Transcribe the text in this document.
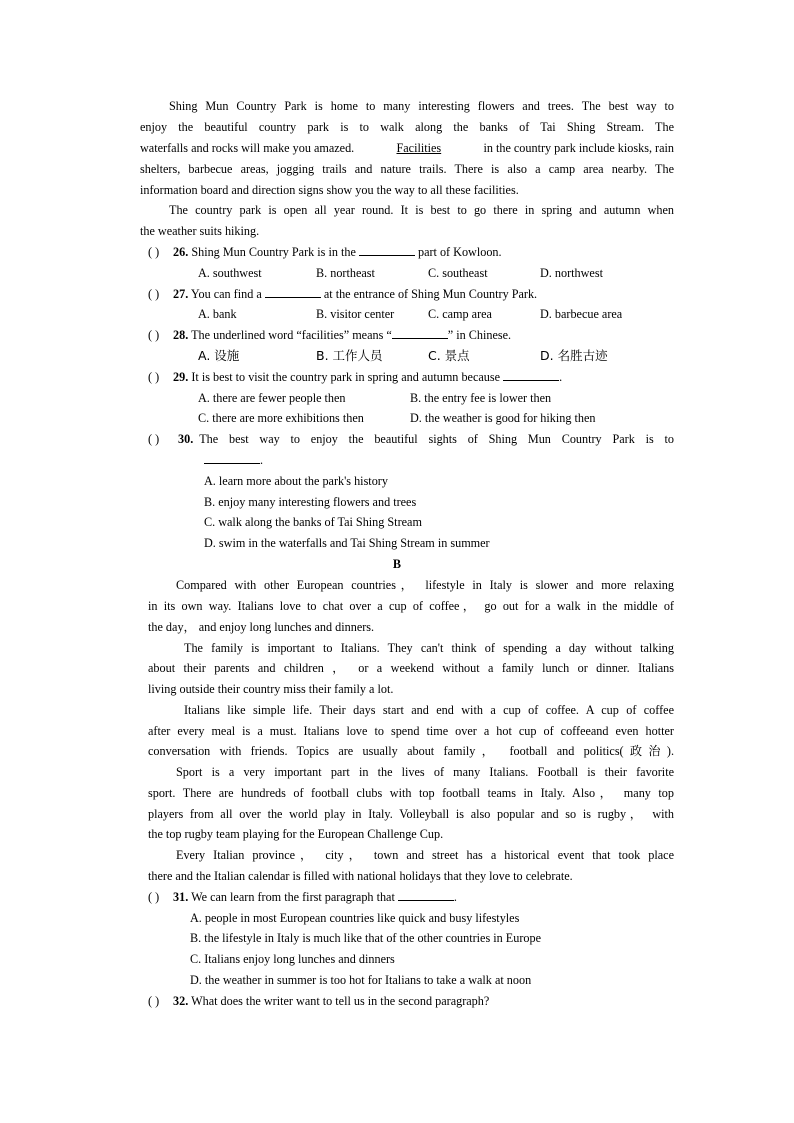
Shing Mun Country Park is home to many interesting flowers and trees. The best way to
enjoy the beautiful country park is to walk along the banks of Tai Shing Stream. The
waterfalls and rocks will make you amazed.	Facilities	in the country park include kiosks, rain
shelters, barbecue areas, jogging trails and nature trails. There is also a camp area nearby. The
information board and direction signs show you the way to all these facilities.
The country park is open all year round. It is best to go there in spring and autumn when
the weather suits hiking.
( ) 26. Shing Mun Country Park is in the	part of Kowloon.
A. southwest	B. northeast	C. southeast	D. northwest
( ) 27. You can find a	at the entrance of Shing Mun Country Park.
A. bank	B. visitor center	C. camp area	D. barbecue area
( ) 28. The underlined word “facilities” means “	” in Chinese.
A. 设施	B. 工作人员	C. 景点	D. 名胜古迹
( ) 29. It is best to visit the country park in spring and autumn because	.
A. there are fewer people then	B. the entry fee is lower then
C. there are more exhibitions then	D. the weather is good for hiking then
( )	30. The best way to enjoy the beautiful sights of Shing Mun Country Park is to
.
A. learn more about the park's history
B. enjoy many interesting flowers and trees
C. walk along the banks of Tai Shing Stream
D. swim in the waterfalls and Tai Shing Stream in summer
B
Compared with other European countries， lifestyle in Italy is slower and more relaxing
in its own way. Italians love to chat over a cup of coffee， go out for a walk in the middle of
the day， and enjoy long lunches and dinners.
The family is important to Italians. They can't think of spending a day without talking
about their parents and children ， or a weekend without a family lunch or dinner. Italians
living outside their country miss their family a lot.
Italians like simple life. Their days start and end with a cup of coffee. A cup of coffee
after every meal is a must. Italians love to spend time over a hot cup of coffeeand even hotter
conversation with friends. Topics are usually about family， football and politics(政治).
Sport is a very important part in the lives of many Italians. Football is their favorite
sport. There are hundreds of football clubs with top football teams in Italy. Also， many top
players from all over the world play in Italy. Volleyball is also popular and so is rugby， with
the top rugby team playing for the European Challenge Cup.
Every Italian province， city， town and street has a historical event that took place
there and the Italian calendar is filled with national holidays that they love to celebrate.
( ) 31. We can learn from the first paragraph that	.
A. people in most European countries like quick and busy lifestyles
B. the lifestyle in Italy is much like that of the other countries in Europe
C. Italians enjoy long lunches and dinners
D. the weather in summer is too hot for Italians to take a walk at noon
( ) 32. What does the writer want to tell us in the second paragraph?
